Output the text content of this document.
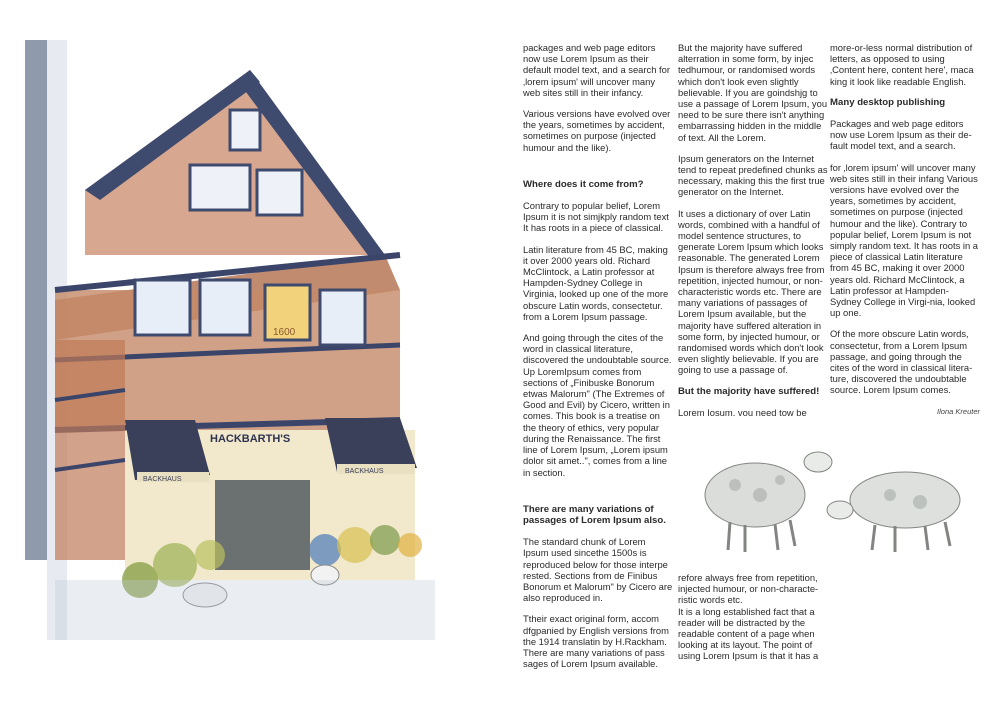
1600
HACKBARTH'S
BACKHAUS
BACKHAUS

packages and web page editors now use Lorem Ipsum as their default model text, and a search for ‚lorem ipsum' will uncover many web sites still in their infancy.

Various versions have evolved over the years, sometimes by accident, sometimes on purpose (injected humour and the like).

Where does it come from?

Contrary to popular belief, Lorem Ipsum it is not simjkply random text It has roots in a piece of classical.

Latin literature from 45 BC, making it over 2000 years old. Richard McClintock, a Latin professor at Hampden-Sydney College in Virginia, looked up one of the more obscure Latin words, consectetur.
from a Lorem Ipsum passage.

And going through the cites of the word in classical literature, discovered the undoubtable source. Up LoremIpsum comes from sections of „Finibuske Bonorum etwas Malorum" (The Extremes of Good and Evil) by Cicero, written in comes. This book is a treatise on the theory of ethics, very popular during the Renaissance. The first line of Lorem Ipsum, „Lorem ipsum dolor sit amet..", comes from a line in section.

There are many variations of passages of Lorem Ipsum also.

The standard chunk of Lorem Ipsum used sincethe 1500s is reproduced below for those interpe rested. Sections from de Finibus Bonorum et Malorum" by Cicero are also reproduced in.

Ttheir exact original form, accom dfgpanied by English versions from the 1914 translatin by H.Rackham. There are many variations of pass sages of Lorem Ipsum available.

But the majority have suffered alterration in some form, by injec tedhumour, or randomised words which don't look even slightly believable. If you are goindshjg to use a passage of Lorem Ipsum, you need to be sure there isn't anything embarrassing hidden in the middle of text. All the Lorem.

Ipsum generators on the Internet tend to repeat predefined chunks as necessary, making this the first true generator on the Internet.

It uses a dictionary of over Latin words, combined with a handful of model sentence structures, to generate Lorem Ipsum which looks reasonable. The generated Lorem Ipsum is therefore always free from repetition, injected humour, or non-characteristic words etc. There are many variations of passages of Lorem Ipsum available, but the majority have suffered alteration in some form, by injected humour, or randomised words which don't look even slightly believable. If you are going to use a passage of.

But the majority have suffered!

Lorem Iosum. vou need tow be

refore always free from repetition, injected humour, or non-characte-ristic words etc.
It is a long established fact that a reader will be distracted by the readable content of a page when looking at its layout. The point of using Lorem Ipsum is that it has a

more-or-less normal distribution of letters, as opposed to using ‚Content here, content here', maca king it look like readable English.

Many desktop publishing

Packages and web page editors now use Lorem Ipsum as their de-fault model text, and a search.

for ‚lorem ipsum' will uncover many web sites still in their infang Various versions have evolved over the years, sometimes by accident, sometimes on purpose (injected humour and the like). Contrary to popular belief, Lorem Ipsum is not simply random text. It has roots in a piece of classical Latin literature from 45 BC, making it over 2000 years old. Richard McClintock, a Latin professor at Hampden-Sydney College in Virgi-nia, looked up one.

Of the more obscure Latin words, consectetur, from a Lorem Ipsum passage, and going through the cites of the word in classical litera-ture, discovered the undoubtable source. Lorem Ipsum comes.

Ilona Kreuter
